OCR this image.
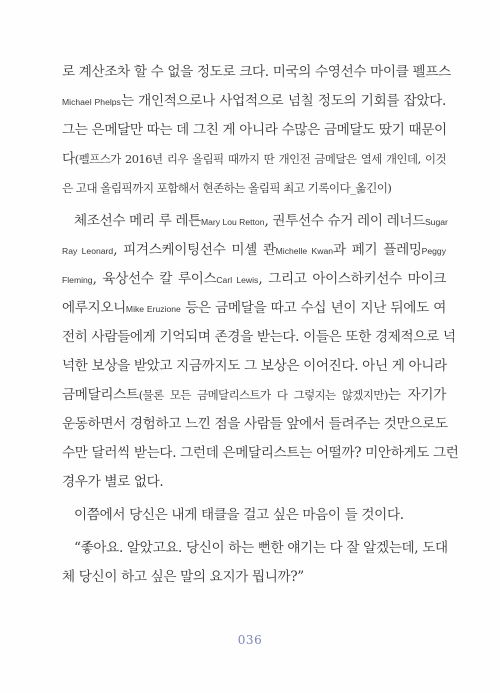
로 계산조차 할 수 없을 정도로 크다. 미국의 수영선수 마이클 펠프스
Michael Phelps는 개인적으로나 사업적으로 넘칠 정도의 기회를 잡았다.
그는 은메달만 따는 데 그친 게 아니라 수많은 금메달도 땄기 때문이
다(펠프스가 2016년 리우 올림픽 때까지 딴 개인전 금메달은 열세 개인데, 이것
은 고대 올림픽까지 포함해서 현존하는 올림픽 최고 기록이다_옮긴이)
체조선수 메리 루 레튼Mary Lou Retton, 권투선수 슈거 레이 레너드Sugar
Ray Leonard, 피겨스케이팅선수 미셸 콴Michelle Kwan과 페기 플레밍Peggy
Fleming, 육상선수 칼 루이스Carl Lewis, 그리고 아이스하키선수 마이크
에루지오니Mike Eruzione 등은 금메달을 따고 수십 년이 지난 뒤에도 여
전히 사람들에게 기억되며 존경을 받는다. 이들은 또한 경제적으로 넉
넉한 보상을 받았고 지금까지도 그 보상은 이어진다. 아닌 게 아니라
금메달리스트(물론 모든 금메달리스트가 다 그렇지는 않겠지만)는 자기가
운동하면서 경험하고 느낀 점을 사람들 앞에서 들려주는 것만으로도
수만 달러씩 받는다. 그런데 은메달리스트는 어떨까? 미안하게도 그런
경우가 별로 없다.
이쯤에서 당신은 내게 태클을 걸고 싶은 마음이 들 것이다.
“좋아요. 알았고요. 당신이 하는 뻔한 얘기는 다 잘 알겠는데, 도대
체 당신이 하고 싶은 말의 요지가 뭡니까?”
036
